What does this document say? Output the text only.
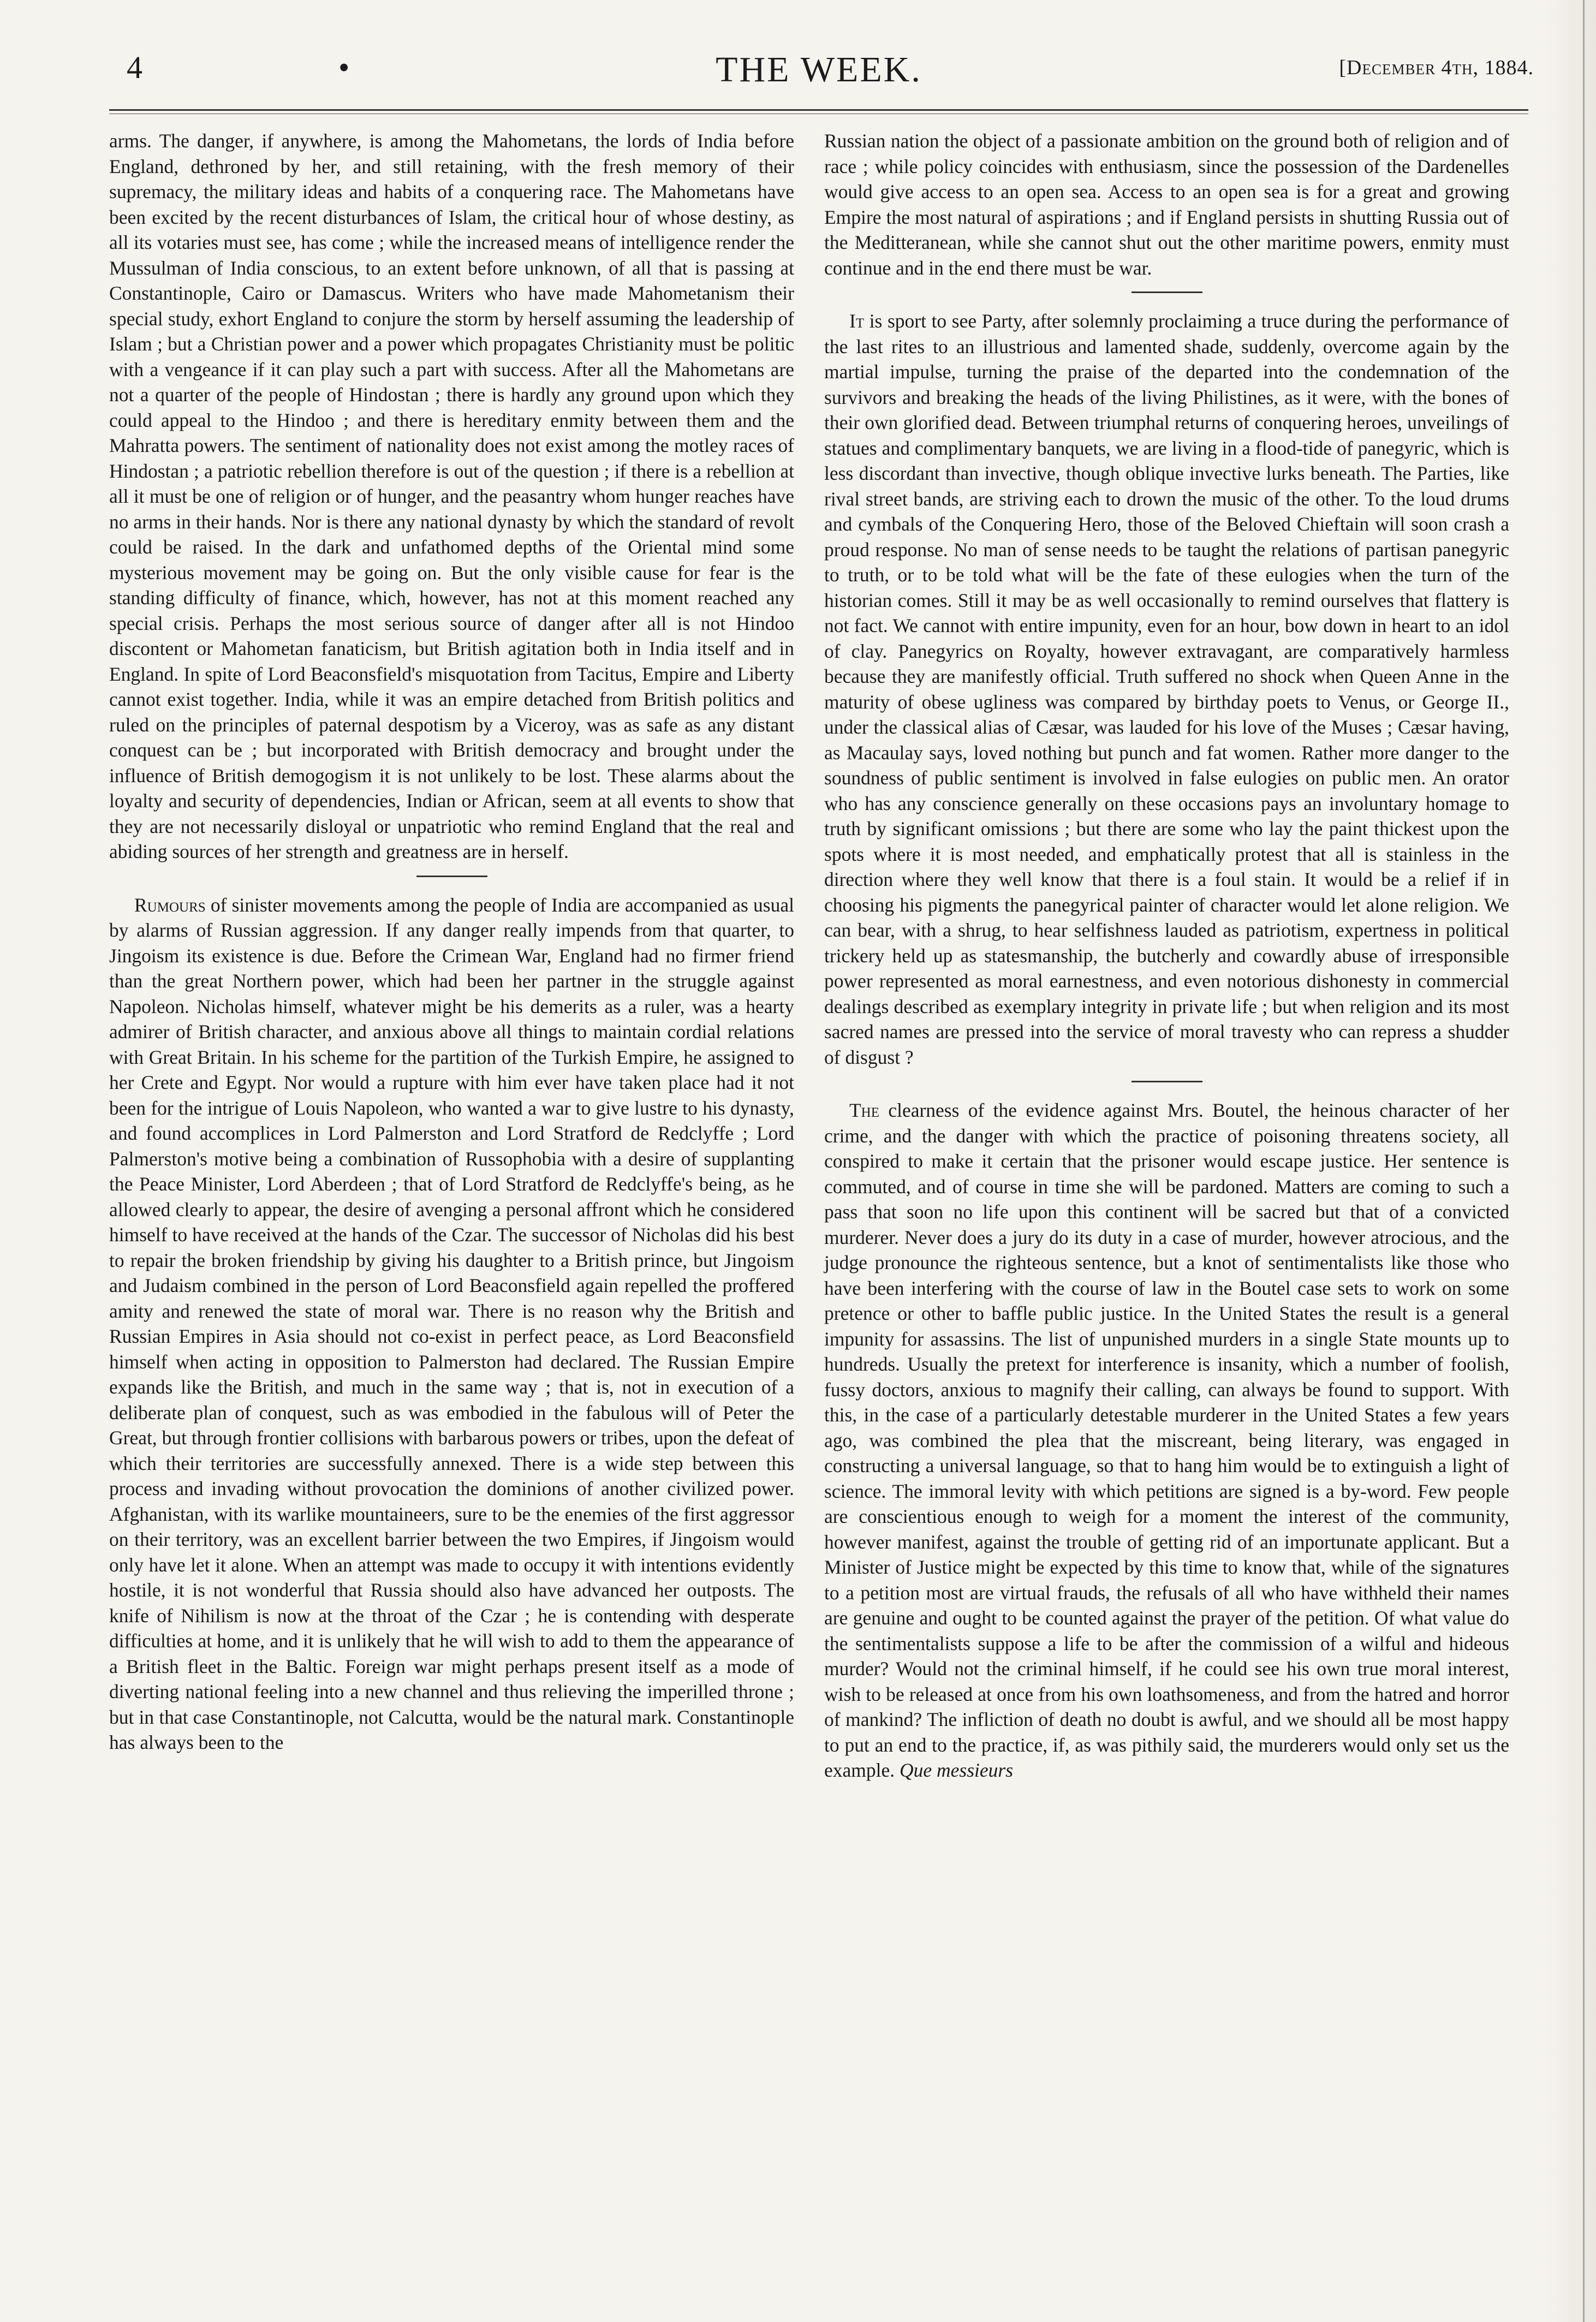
4	•	THE WEEK.	[December 4th, 1884.

arms. The danger, if anywhere, is among the Mahometans, the lords of India before England, dethroned by her, and still retaining, with the fresh memory of their supremacy, the military ideas and habits of a conquering race. The Mahometans have been excited by the recent disturbances of Islam, the critical hour of whose destiny, as all its votaries must see, has come ; while the increased means of intelligence render the Mussulman of India conscious, to an extent before unknown, of all that is passing at Constantinople, Cairo or Damascus. Writers who have made Mahometanism their special study, exhort England to conjure the storm by herself assuming the leadership of Islam ; but a Christian power and a power which propagates Christianity must be politic with a vengeance if it can play such a part with success. After all the Mahometans are not a quarter of the people of Hindostan ; there is hardly any ground upon which they could appeal to the Hindoo ; and there is hereditary enmity between them and the Mahratta powers. The sentiment of nationality does not exist among the motley races of Hindostan ; a patriotic rebellion therefore is out of the question ; if there is a rebellion at all it must be one of religion or of hunger, and the peasantry whom hunger reaches have no arms in their hands. Nor is there any national dynasty by which the standard of revolt could be raised. In the dark and unfathomed depths of the Oriental mind some mysterious movement may be going on. But the only visible cause for fear is the standing difficulty of finance, which, however, has not at this moment reached any special crisis. Perhaps the most serious source of danger after all is not Hindoo discontent or Mahometan fanaticism, but British agitation both in India itself and in England. In spite of Lord Beaconsfield's misquotation from Tacitus, Empire and Liberty cannot exist together. India, while it was an empire detached from British politics and ruled on the principles of paternal despotism by a Viceroy, was as safe as any distant conquest can be ; but incorporated with British democracy and brought under the influence of British demogogism it is not unlikely to be lost. These alarms about the loyalty and security of dependencies, Indian or African, seem at all events to show that they are not necessarily disloyal or unpatriotic who remind England that the real and abiding sources of her strength and greatness are in herself.

Rumours of sinister movements among the people of India are accompanied as usual by alarms of Russian aggression. If any danger really impends from that quarter, to Jingoism its existence is due. Before the Crimean War, England had no firmer friend than the great Northern power, which had been her partner in the struggle against Napoleon. Nicholas himself, whatever might be his demerits as a ruler, was a hearty admirer of British character, and anxious above all things to maintain cordial relations with Great Britain. In his scheme for the partition of the Turkish Empire, he assigned to her Crete and Egypt. Nor would a rupture with him ever have taken place had it not been for the intrigue of Louis Napoleon, who wanted a war to give lustre to his dynasty, and found accomplices in Lord Palmerston and Lord Stratford de Redclyffe ; Lord Palmerston's motive being a combination of Russophobia with a desire of supplanting the Peace Minister, Lord Aberdeen ; that of Lord Stratford de Redclyffe's being, as he allowed clearly to appear, the desire of avenging a personal affront which he considered himself to have received at the hands of the Czar. The successor of Nicholas did his best to repair the broken friendship by giving his daughter to a British prince, but Jingoism and Judaism combined in the person of Lord Beaconsfield again repelled the proffered amity and renewed the state of moral war. There is no reason why the British and Russian Empires in Asia should not co-exist in perfect peace, as Lord Beaconsfield himself when acting in opposition to Palmerston had declared. The Russian Empire expands like the British, and much in the same way ; that is, not in execution of a deliberate plan of conquest, such as was embodied in the fabulous will of Peter the Great, but through frontier collisions with barbarous powers or tribes, upon the defeat of which their territories are successfully annexed. There is a wide step between this process and invading without provocation the dominions of another civilized power. Afghanistan, with its warlike mountaineers, sure to be the enemies of the first aggressor on their territory, was an excellent barrier between the two Empires, if Jingoism would only have let it alone. When an attempt was made to occupy it with intentions evidently hostile, it is not wonderful that Russia should also have advanced her outposts. The knife of Nihilism is now at the throat of the Czar ; he is contending with desperate difficulties at home, and it is unlikely that he will wish to add to them the appearance of a British fleet in the Baltic. Foreign war might perhaps present itself as a mode of diverting national feeling into a new channel and thus relieving the imperilled throne ; but in that case Constantinople, not Calcutta, would be the natural mark. Constantinople has always been to the

Russian nation the object of a passionate ambition on the ground both of religion and of race ; while policy coincides with enthusiasm, since the possession of the Dardenelles would give access to an open sea. Access to an open sea is for a great and growing Empire the most natural of aspirations ; and if England persists in shutting Russia out of the Meditteranean, while she cannot shut out the other maritime powers, enmity must continue and in the end there must be war.

It is sport to see Party, after solemnly proclaiming a truce during the performance of the last rites to an illustrious and lamented shade, suddenly, overcome again by the martial impulse, turning the praise of the departed into the condemnation of the survivors and breaking the heads of the living Philistines, as it were, with the bones of their own glorified dead. Between triumphal returns of conquering heroes, unveilings of statues and complimentary banquets, we are living in a flood-tide of panegyric, which is less discordant than invective, though oblique invective lurks beneath. The Parties, like rival street bands, are striving each to drown the music of the other. To the loud drums and cymbals of the Conquering Hero, those of the Beloved Chieftain will soon crash a proud response. No man of sense needs to be taught the relations of partisan panegyric to truth, or to be told what will be the fate of these eulogies when the turn of the historian comes. Still it may be as well occasionally to remind ourselves that flattery is not fact. We cannot with entire impunity, even for an hour, bow down in heart to an idol of clay. Panegyrics on Royalty, however extravagant, are comparatively harmless because they are manifestly official. Truth suffered no shock when Queen Anne in the maturity of obese ugliness was compared by birthday poets to Venus, or George II., under the classical alias of Cæsar, was lauded for his love of the Muses ; Cæsar having, as Macaulay says, loved nothing but punch and fat women. Rather more danger to the soundness of public sentiment is involved in false eulogies on public men. An orator who has any conscience generally on these occasions pays an involuntary homage to truth by significant omissions ; but there are some who lay the paint thickest upon the spots where it is most needed, and emphatically protest that all is stainless in the direction where they well know that there is a foul stain. It would be a relief if in choosing his pigments the panegyrical painter of character would let alone religion. We can bear, with a shrug, to hear selfishness lauded as patriotism, expertness in political trickery held up as statesmanship, the butcherly and cowardly abuse of irresponsible power represented as moral earnestness, and even notorious dishonesty in commercial dealings described as exemplary integrity in private life ; but when religion and its most sacred names are pressed into the service of moral travesty who can repress a shudder of disgust ?

The clearness of the evidence against Mrs. Boutel, the heinous character of her crime, and the danger with which the practice of poisoning threatens society, all conspired to make it certain that the prisoner would escape justice. Her sentence is commuted, and of course in time she will be pardoned. Matters are coming to such a pass that soon no life upon this continent will be sacred but that of a convicted murderer. Never does a jury do its duty in a case of murder, however atrocious, and the judge pronounce the righteous sentence, but a knot of sentimentalists like those who have been interfering with the course of law in the Boutel case sets to work on some pretence or other to baffle public justice. In the United States the result is a general impunity for assassins. The list of unpunished murders in a single State mounts up to hundreds. Usually the pretext for interference is insanity, which a number of foolish, fussy doctors, anxious to magnify their calling, can always be found to support. With this, in the case of a particularly detestable murderer in the United States a few years ago, was combined the plea that the miscreant, being literary, was engaged in constructing a universal language, so that to hang him would be to extinguish a light of science. The immoral levity with which petitions are signed is a by-word. Few people are conscientious enough to weigh for a moment the interest of the community, however manifest, against the trouble of getting rid of an importunate applicant. But a Minister of Justice might be expected by this time to know that, while of the signatures to a petition most are virtual frauds, the refusals of all who have withheld their names are genuine and ought to be counted against the prayer of the petition. Of what value do the sentimentalists suppose a life to be after the commission of a wilful and hideous murder? Would not the criminal himself, if he could see his own true moral interest, wish to be released at once from his own loathsomeness, and from the hatred and horror of mankind? The infliction of death no doubt is awful, and we should all be most happy to put an end to the practice, if, as was pithily said, the murderers would only set us the example. Que messieurs
